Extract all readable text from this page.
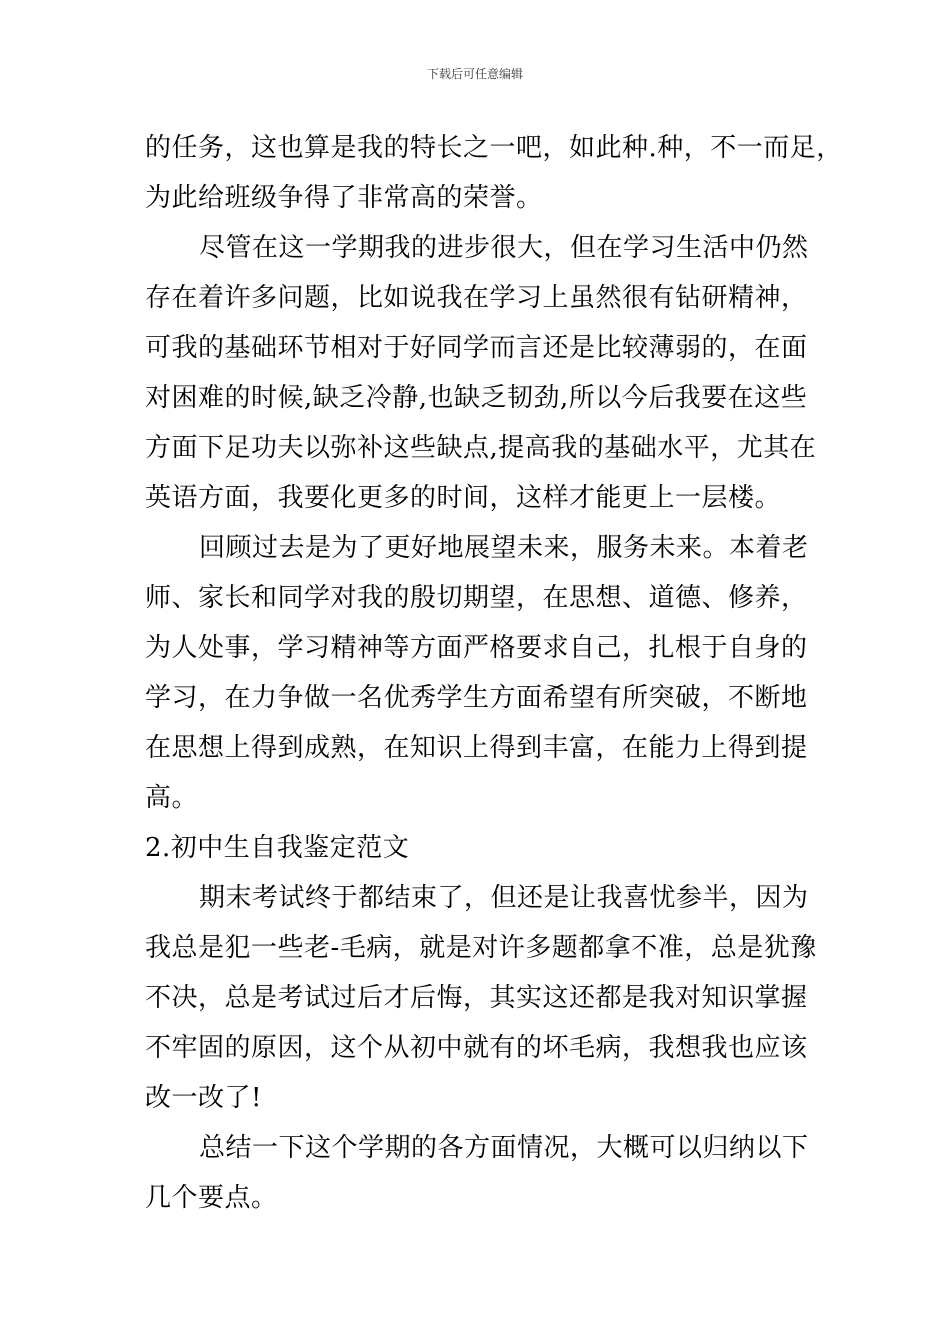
下载后可任意编辑
的任务，这也算是我的特长之一吧，如此种.种，不一而足，
为此给班级争得了非常高的荣誉。
尽管在这一学期我的进步很大，但在学习生活中仍然
存在着许多问题，比如说我在学习上虽然很有钻研精神，
可我的基础环节相对于好同学而言还是比较薄弱的，在面
对困难的时候,缺乏冷静,也缺乏韧劲,所以今后我要在这些
方面下足功夫以弥补这些缺点,提高我的基础水平，尤其在
英语方面，我要化更多的时间，这样才能更上一层楼。
回顾过去是为了更好地展望未来，服务未来。本着老
师、家长和同学对我的殷切期望，在思想、道德、修养，
为人处事，学习精神等方面严格要求自己，扎根于自身的
学习，在力争做一名优秀学生方面希望有所突破，不断地
在思想上得到成熟，在知识上得到丰富，在能力上得到提
高。
2.初中生自我鉴定范文
期末考试终于都结束了，但还是让我喜忧参半，因为
我总是犯一些老-毛病，就是对许多题都拿不准，总是犹豫
不决，总是考试过后才后悔，其实这还都是我对知识掌握
不牢固的原因，这个从初中就有的坏毛病，我想我也应该
改一改了!
总结一下这个学期的各方面情况，大概可以归纳以下
几个要点。
